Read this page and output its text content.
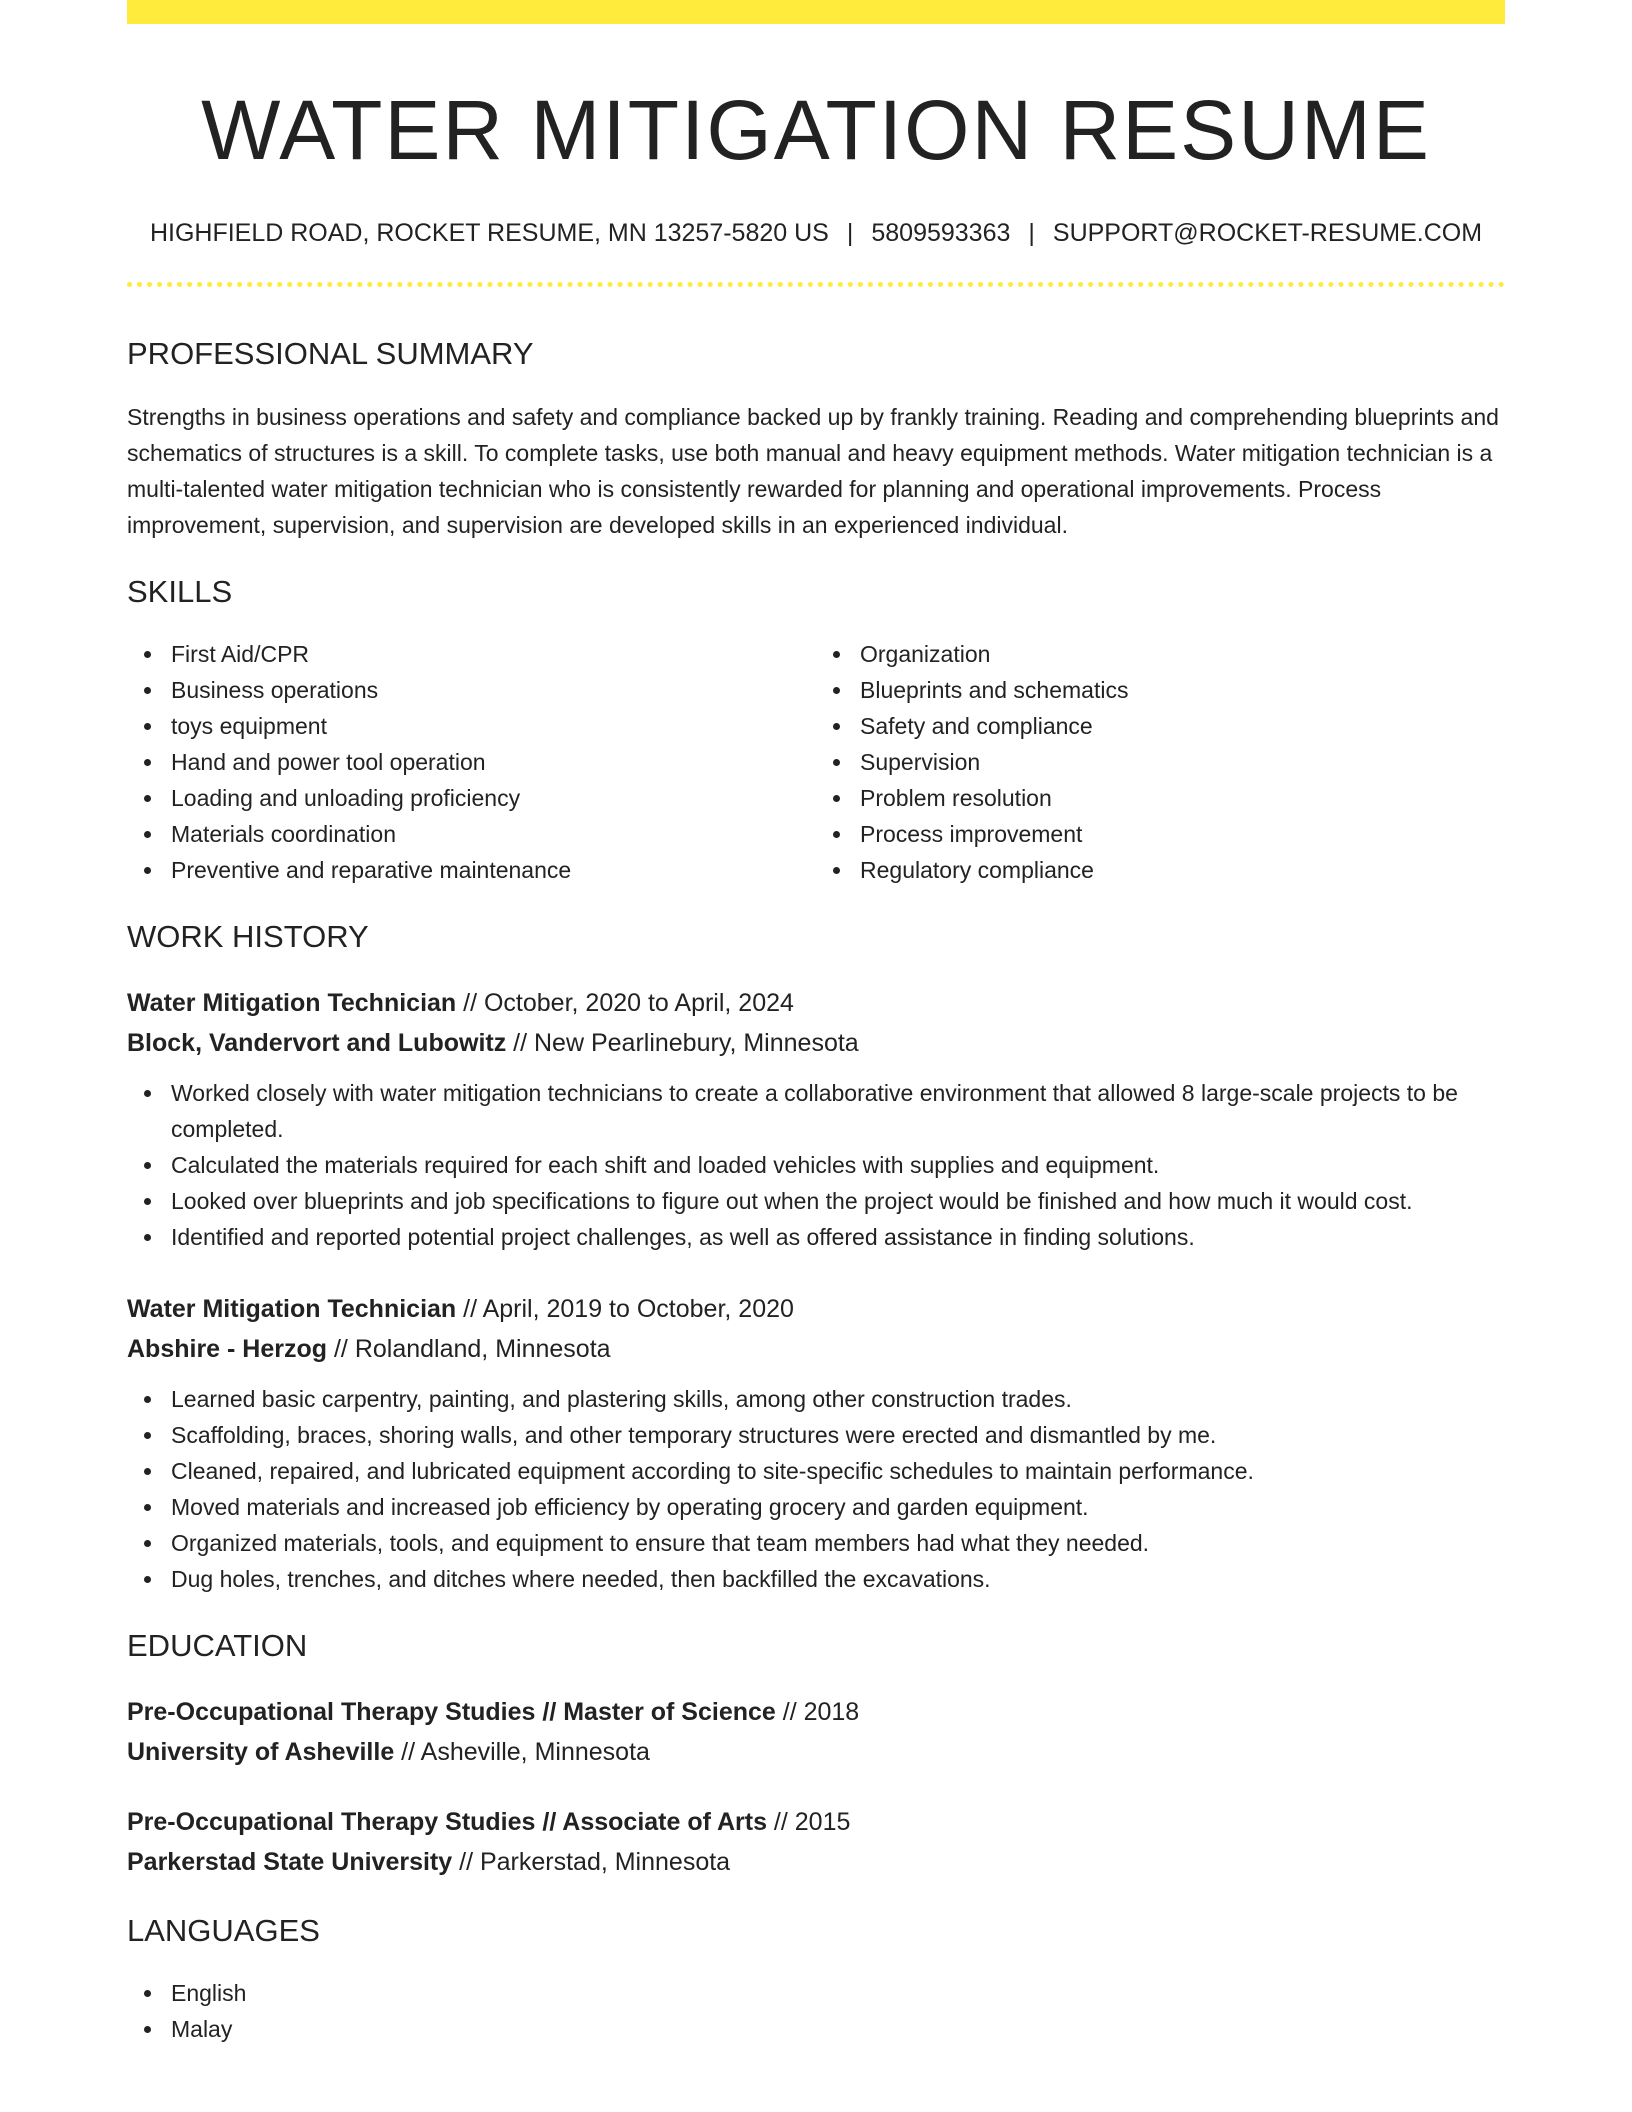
WATER MITIGATION RESUME
HIGHFIELD ROAD, ROCKET RESUME, MN 13257-5820 US | 5809593363 | SUPPORT@ROCKET-RESUME.COM
PROFESSIONAL SUMMARY

Strengths in business operations and safety and compliance backed up by frankly training. Reading and comprehending blueprints and schematics of structures is a skill. To complete tasks, use both manual and heavy equipment methods. Water mitigation technician is a multi-talented water mitigation technician who is consistently rewarded for planning and operational improvements. Process improvement, supervision, and supervision are developed skills in an experienced individual.

SKILLS
First Aid/CPR
Business operations
toys equipment
Hand and power tool operation
Loading and unloading proficiency
Materials coordination
Preventive and reparative maintenance
Organization
Blueprints and schematics
Safety and compliance
Supervision
Problem resolution
Process improvement
Regulatory compliance
WORK HISTORY
Water Mitigation Technician // October, 2020 to April, 2024
Block, Vandervort and Lubowitz // New Pearlinebury, Minnesota
Worked closely with water mitigation technicians to create a collaborative environment that allowed 8 large-scale projects to be completed.
Calculated the materials required for each shift and loaded vehicles with supplies and equipment.
Looked over blueprints and job specifications to figure out when the project would be finished and how much it would cost.
Identified and reported potential project challenges, as well as offered assistance in finding solutions.
Water Mitigation Technician // April, 2019 to October, 2020
Abshire - Herzog // Rolandland, Minnesota
Learned basic carpentry, painting, and plastering skills, among other construction trades.
Scaffolding, braces, shoring walls, and other temporary structures were erected and dismantled by me.
Cleaned, repaired, and lubricated equipment according to site-specific schedules to maintain performance.
Moved materials and increased job efficiency by operating grocery and garden equipment.
Organized materials, tools, and equipment to ensure that team members had what they needed.
Dug holes, trenches, and ditches where needed, then backfilled the excavations.
EDUCATION
Pre-Occupational Therapy Studies // Master of Science // 2018
University of Asheville // Asheville, Minnesota
Pre-Occupational Therapy Studies // Associate of Arts // 2015
Parkerstad State University // Parkerstad, Minnesota
LANGUAGES
English
Malay
